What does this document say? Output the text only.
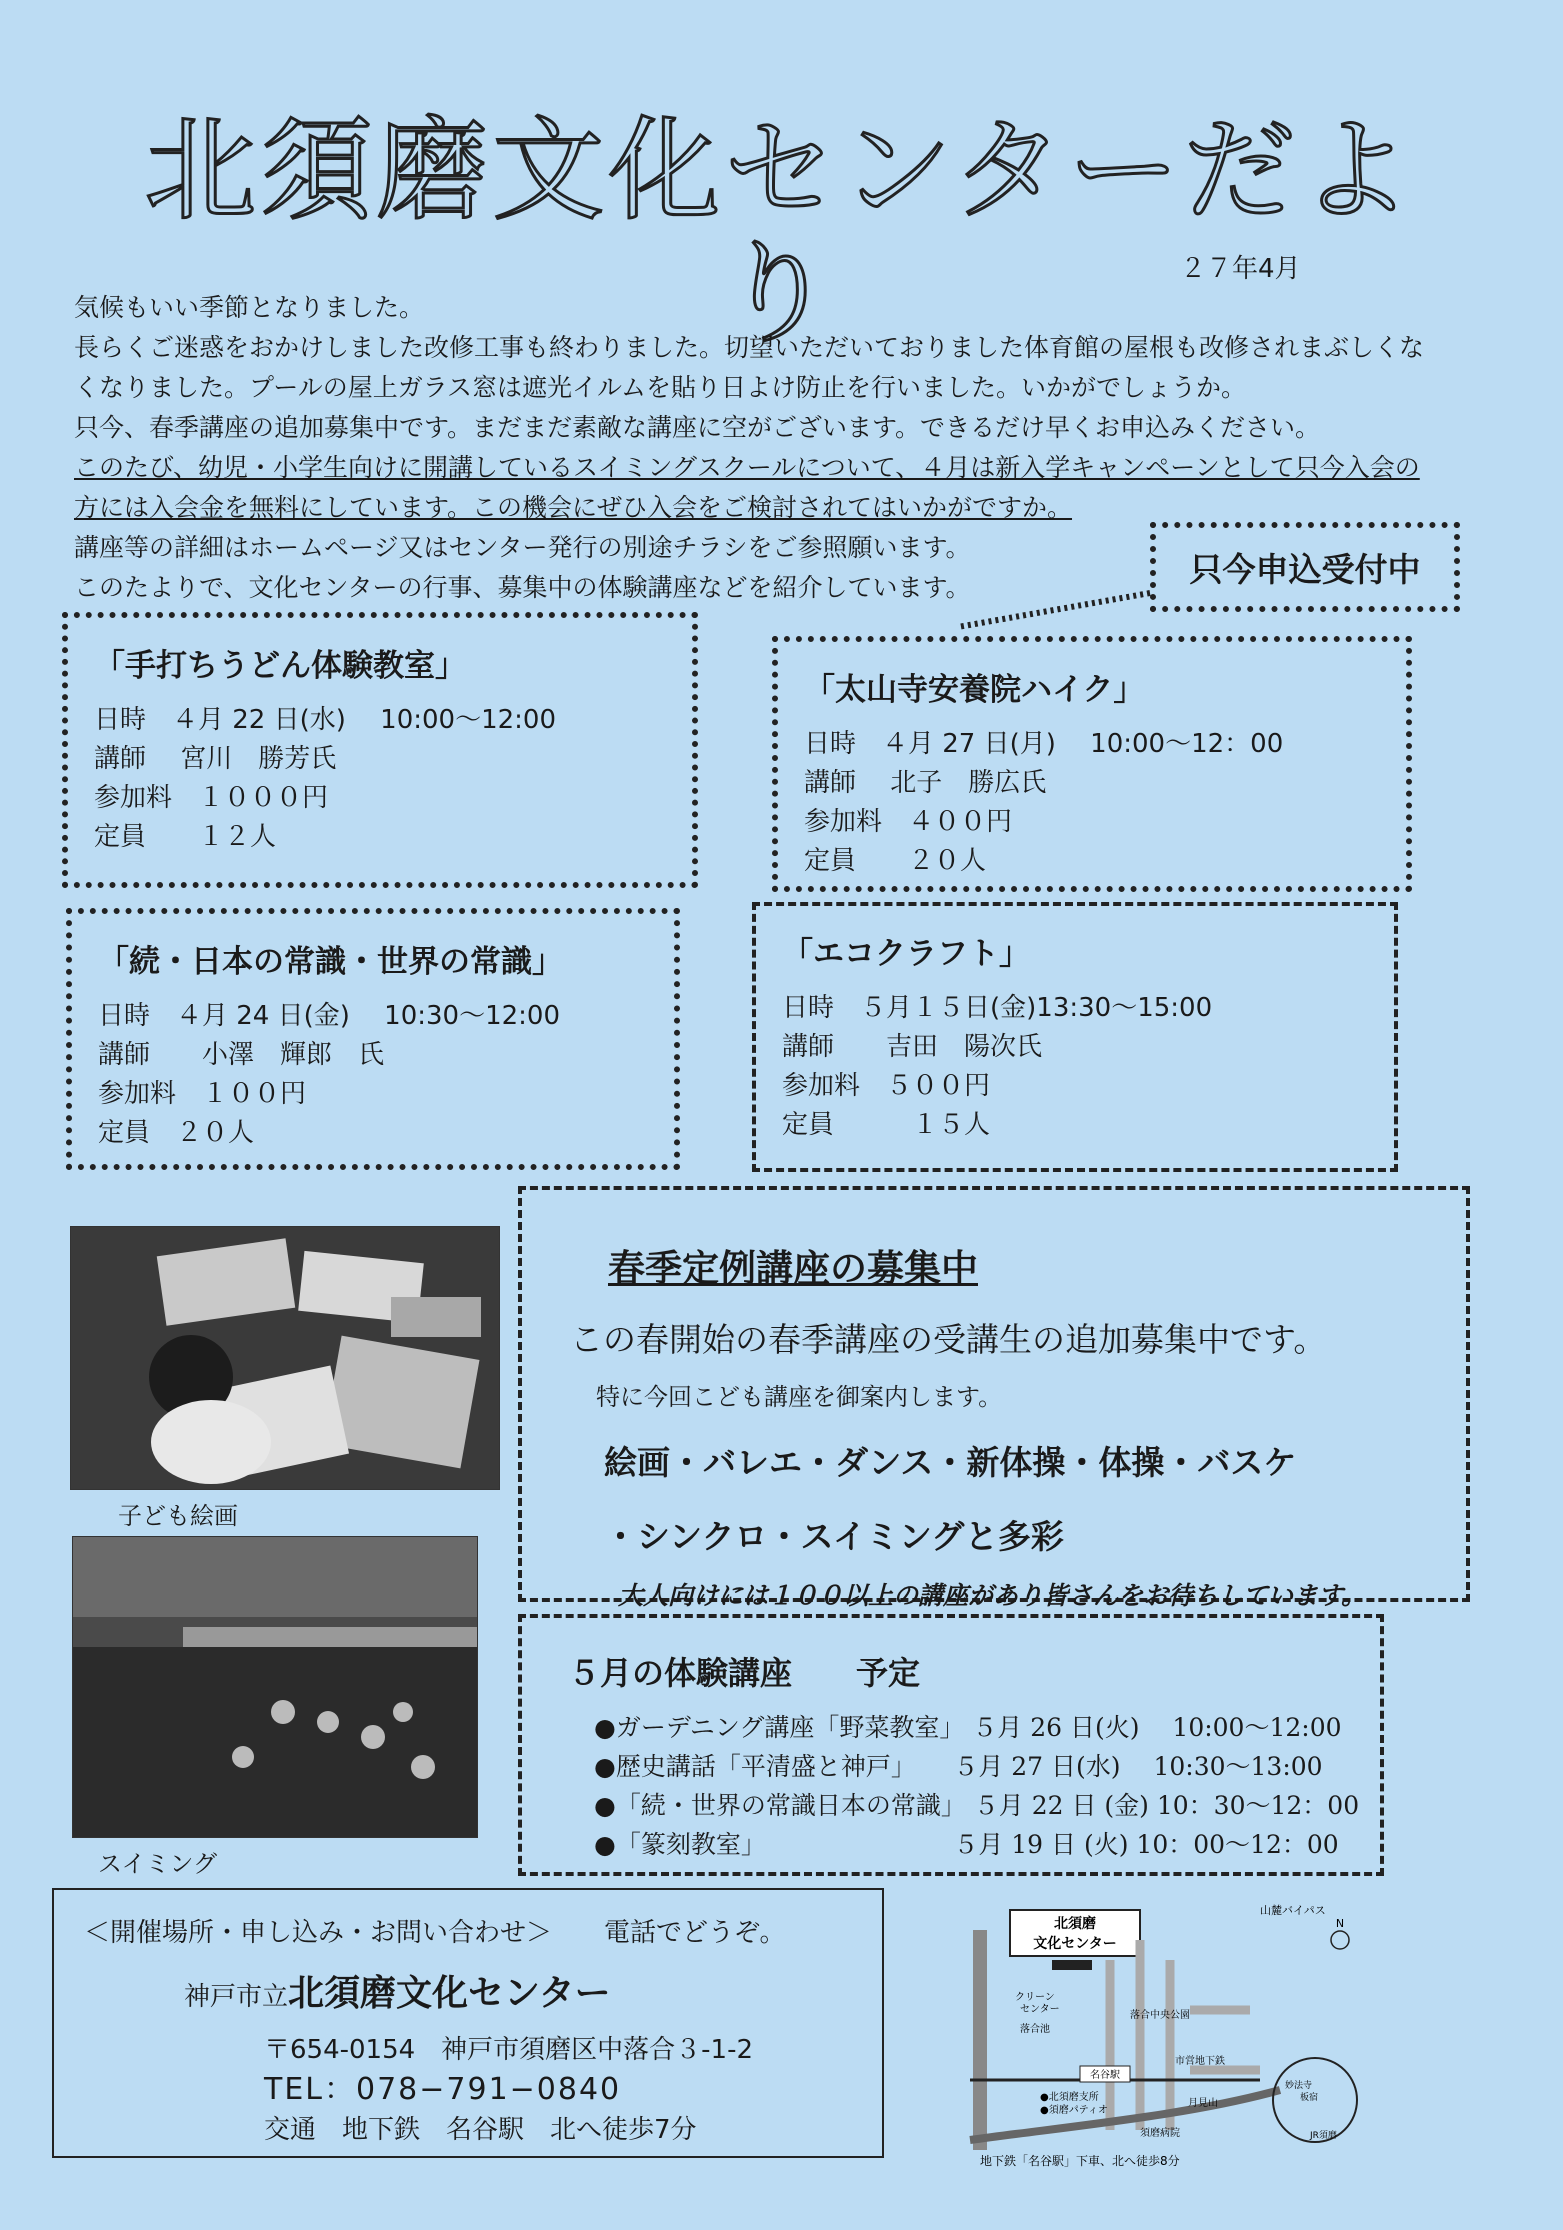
北須磨文化センターだより	２７年4月
気候もいい季節となりました。
長らくご迷惑をおかけしました改修工事も終わりました。切望いただいておりました体育館の屋根も改修されまぶしくな
くなりました。プールの屋上ガラス窓は遮光イルムを貼り日よけ防止を行いました。いかがでしょうか。
只今、春季講座の追加募集中です。まだまだ素敵な講座に空がございます。できるだけ早くお申込みください。
このたび、幼児・小学生向けに開講しているスイミングスクールについて、４月は新入学キャンペーンとして只今入会の
方には入会金を無料にしています。この機会にぜひ入会をご検討されてはいかがですか。
講座等の詳細はホームページ又はセンター発行の別途チラシをご参照願います。
このたよりで、文化センターの行事、募集中の体験講座などを紹介しています。	只今申込受付中
「手打ちうどん体験教室」
日時　４月 22 日(水)　 10:00～12:00
講師　 宮川　勝芳氏
参加料　１０００円
定員　　１２人
「太山寺安養院ハイク」
日時　４月 27 日(月)　 10:00～12：00
講師　 北子　勝広氏
参加料　４００円
定員　　２０人
「続・日本の常識・世界の常識」
日時　４月 24 日(金)　 10:30～12:00
講師　　小澤　輝郎　氏
参加料　１００円
定員　２０人
「エコクラフト」
日時　５月１５日(金)13:30～15:00
講師　　吉田　陽次氏
参加料　５００円
定員　　　１５人
子ども絵画
スイミング
春季定例講座の募集中
この春開始の春季講座の受講生の追加募集中です。
特に今回こども講座を御案内します。
絵画・バレエ・ダンス・新体操・体操・バスケ
・シンクロ・スイミングと多彩
大人向けには１００以上の講座があり皆さんをお待ちしています。
５月の体験講座　　予定
●ガーデニング講座「野菜教室」 ５月 26 日(火)　 10:00～12:00
●歴史講話「平清盛と神戸」　　５月 27 日(水)　 10:30～13:00
●「続・世界の常識日本の常識」 ５月 22 日 (金) 10：30～12：00
●「篆刻教室」　　　　　　　　５月 19 日 (火) 10：00～12：00
＜開催場所・申し込み・お問い合わせ＞　　電話でどうぞ。
神戸市立北須磨文化センター
〒654-0154　神戸市須磨区中落合３-1-2
TEL：078−791−0840
交通　地下鉄　名谷駅　北へ徒歩7分
北須磨
文化センター
山麓バイパス
N
クリーン
センター
落合池
落合中央公園
名谷駅
市営地下鉄
●北須磨支所
●須磨パティオ
須磨病院
月見山
妙法寺
板宿
JR須磨
地下鉄「名谷駅」下車、北へ徒歩8分
